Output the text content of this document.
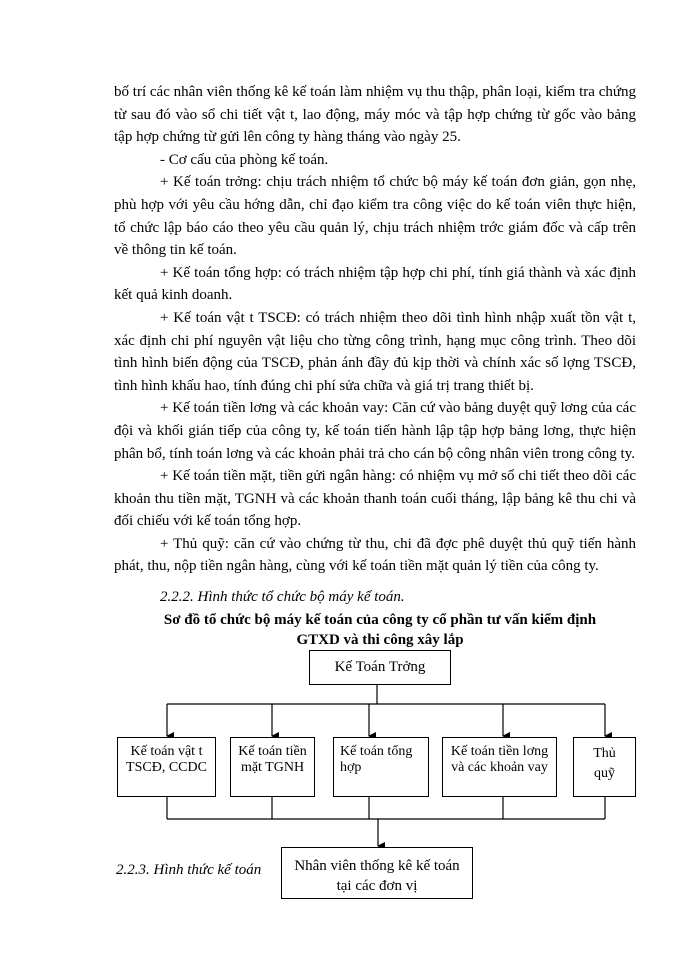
bố trí các nhân viên thống kê kế toán làm nhiệm vụ thu thập, phân loại, kiểm tra chứng từ sau đó vào sổ chi tiết vật t, lao động, máy móc và tập hợp chứng từ gốc vào bảng tập hợp chứng từ gửi lên công ty hàng tháng vào ngày 25.

- Cơ cấu của phòng kế toán.

+ Kế toán trởng: chịu trách nhiệm tổ chức bộ máy kế toán đơn giản, gọn nhẹ, phù hợp với yêu cầu hớng dẫn, chỉ đạo kiểm tra công việc do kế toán viên thực hiện, tổ chức lập báo cáo theo yêu cầu quản lý, chịu trách nhiệm trớc giám đốc và cấp trên về thông tin kế toán.

+ Kế toán tổng hợp: có trách nhiệm tập hợp chi phí, tính giá thành và xác định kết quả kinh doanh.

+ Kế toán vật t TSCĐ: có trách nhiệm theo dõi tình hình nhập xuất tồn vật t, xác định chi phí nguyên vật liệu cho từng công trình, hạng mục công trình. Theo dõi tình hình biến động của TSCĐ, phản ánh đầy đủ kịp thời và chính xác số lợng TSCĐ, tình hình khấu hao, tính đúng chi phí sửa chữa và giá trị trang thiết bị.

+ Kế toán tiền lơng và các khoản vay: Căn cứ vào bảng duyệt quỹ lơng của các đội và khối gián tiếp của công ty, kế toán tiến hành lập tập hợp bảng lơng, thực hiện phân bổ, tính toán lơng và các khoản phải trả cho cán bộ công nhân viên trong công ty.

+ Kế toán tiền mặt, tiền gửi ngân hàng: có nhiệm vụ mở sổ chi tiết theo dõi các khoản thu tiền mặt, TGNH và các khoản thanh toán cuối tháng, lập bảng kê thu chi và đối chiếu với kế toán tổng hợp.

+ Thủ quỹ: căn cứ vào chứng từ thu, chi đã đợc phê duyệt thủ quỹ tiến hành phát, thu, nộp tiền ngân hàng, cùng với kế toán tiền mặt quản lý tiền của công ty.

2.2.2. Hình thức tổ chức bộ máy kế toán.
Sơ đồ tổ chức bộ máy kế toán của công ty cổ phần tư vấn kiểm định
GTXD và thi công xây lắp
Kế Toán Trởng
Kế toán vật t TSCĐ, CCDC
Kế toán tiền mặt TGNH
Kế toán tổng hợp
Kế toán tiền lơng và các khoản vay
Thủ quỹ
2.2.3. Hình thức kế toán	Nhân viên thống kê kế toán tại các đơn vị
